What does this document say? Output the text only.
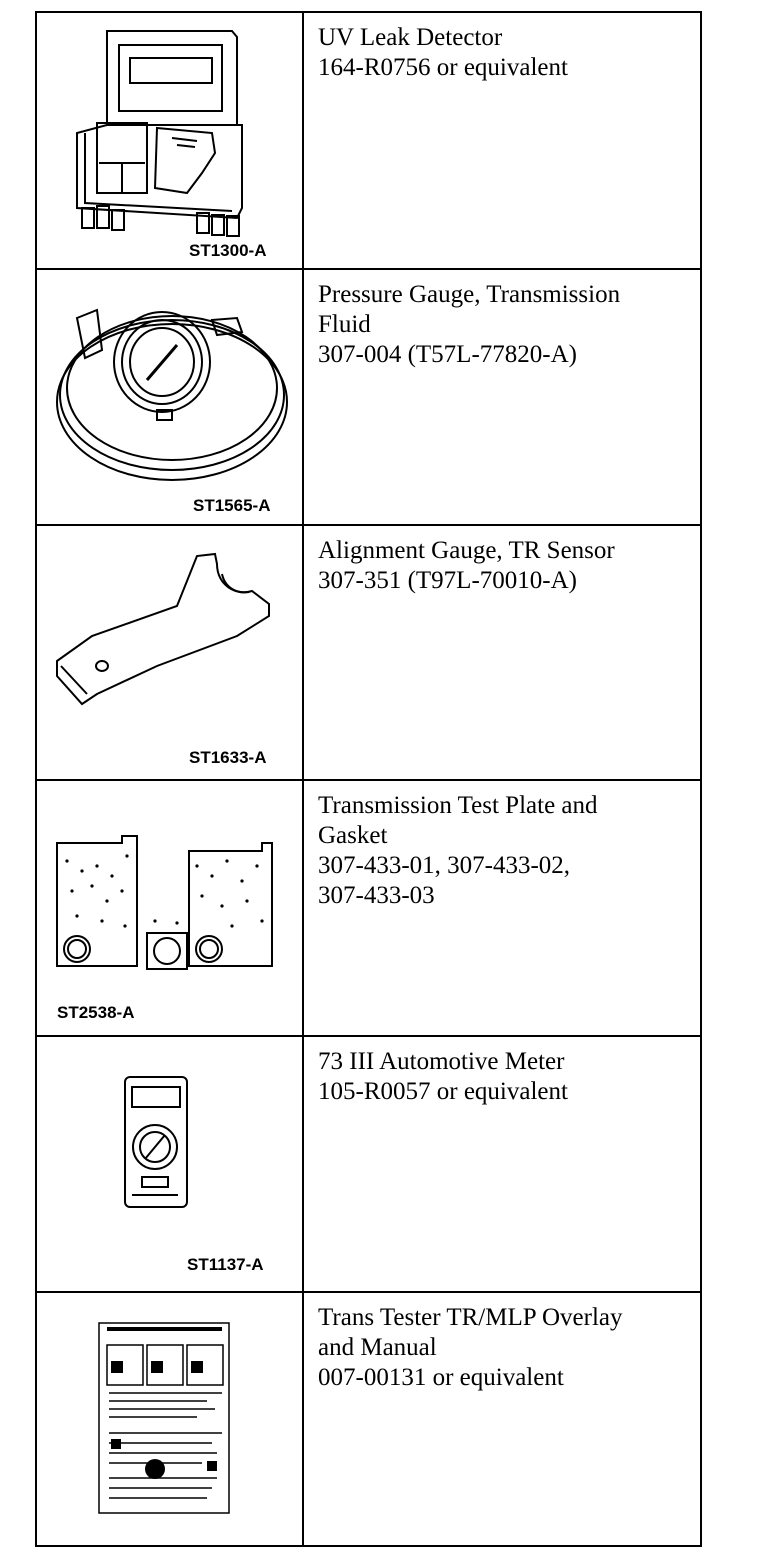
ST1300-A
UV Leak Detector
164-R0756 or equivalent
ST1565-A
Pressure Gauge, Transmission
Fluid
307-004 (T57L-77820-A)
ST1633-A
Alignment Gauge, TR Sensor
307-351 (T97L-70010-A)
ST2538-A
Transmission Test Plate and
Gasket
307-433-01, 307-433-02,
307-433-03
ST1137-A
73 III Automotive Meter
105-R0057 or equivalent
Trans Tester TR/MLP Overlay
and Manual
007-00131 or equivalent
